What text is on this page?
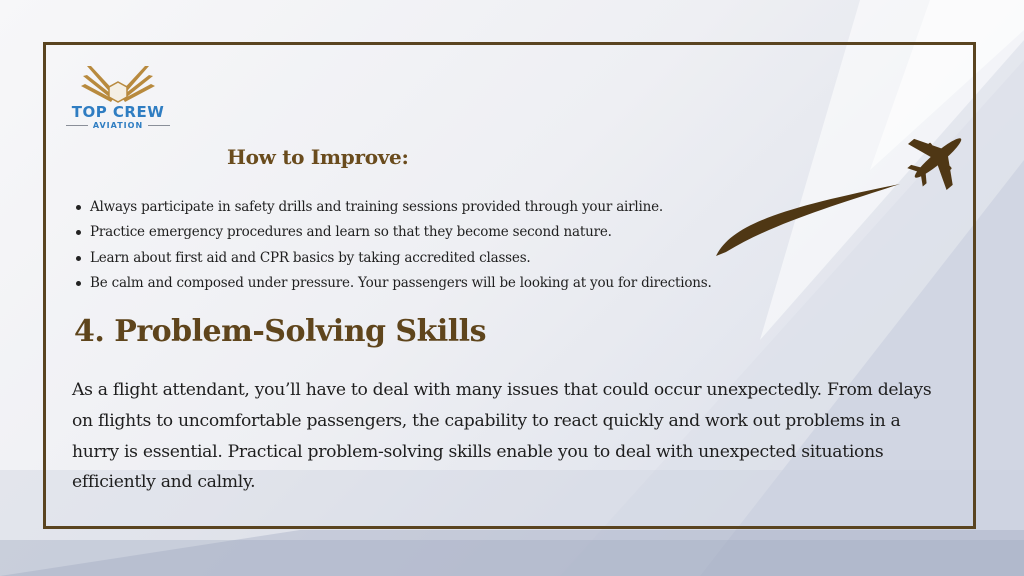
TOP CREW
AVIATION
How to Improve:
Always participate in safety drills and training sessions provided through your airline.
Practice emergency procedures and learn so that they become second nature.
Learn about first aid and CPR basics by taking accredited classes.
Be calm and composed under pressure. Your passengers will be looking at you for directions.
4. Problem-Solving Skills

As a flight attendant, you’ll have to deal with many issues that could occur unexpectedly. From delays on flights to uncomfortable passengers, the capability to react quickly and work out problems in a hurry is essential. Practical problem-solving skills enable you to deal with unexpected situations efficiently and calmly.
